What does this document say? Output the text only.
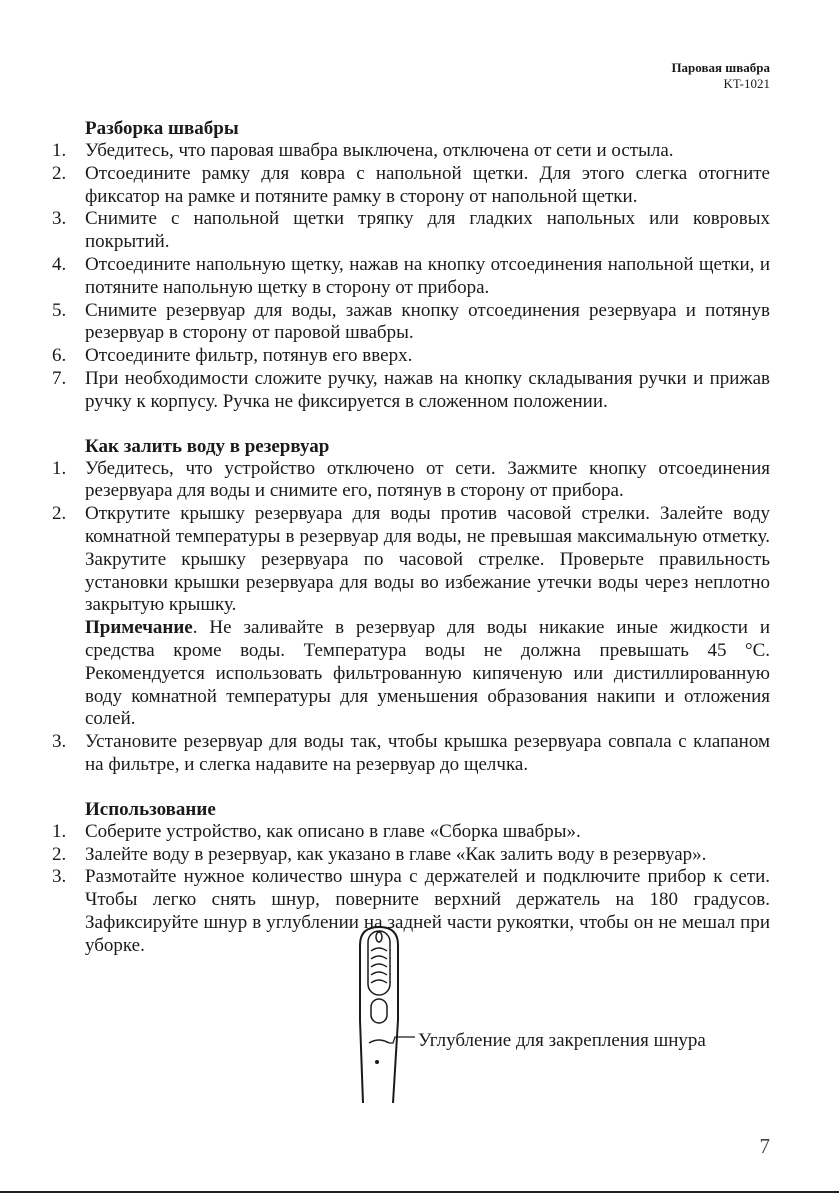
Паровая швабра
KT-1021
Разборка швабры
1. Убедитесь, что паровая швабра выключена, отключена от сети и остыла.
2. Отсоедините рамку для ковра с напольной щетки. Для этого слегка отогните фиксатор на рамке и потяните рамку в сторону от напольной щетки.
3. Снимите с напольной щетки тряпку для гладких напольных или ковровых покрытий.
4. Отсоедините напольную щетку, нажав на кнопку отсоединения напольной щетки, и потяните напольную щетку в сторону от прибора.
5. Снимите резервуар для воды, зажав кнопку отсоединения резервуара и потянув резервуар в сторону от паровой швабры.
6. Отсоедините фильтр, потянув его вверх.
7. При необходимости сложите ручку, нажав на кнопку складывания ручки и прижав ручку к корпусу. Ручка не фиксируется в сложенном положении.
Как залить воду в резервуар
1. Убедитесь, что устройство отключено от сети. Зажмите кнопку отсоединения резервуара для воды и снимите его, потянув в сторону от прибора.
2. Открутите крышку резервуара для воды против часовой стрелки. Залейте воду комнатной температуры в резервуар для воды, не превышая максимальную отметку. Закрутите крышку резервуара по часовой стрелке. Проверьте правильность установки крышки резервуара для воды во избежание утечки воды через неплотно закрытую крышку.
Примечание. Не заливайте в резервуар для воды никакие иные жидкости и средства кроме воды. Температура воды не должна превышать 45 °C. Рекомендуется использовать фильтрованную кипяченую или дистиллированную воду комнатной температуры для уменьшения образования накипи и отложения солей.
3. Установите резервуар для воды так, чтобы крышка резервуара совпала с клапаном на фильтре, и слегка надавите на резервуар до щелчка.
Использование
1. Соберите устройство, как описано в главе «Сборка швабры».
2. Залейте воду в резервуар, как указано в главе «Как залить воду в резервуар».
3. Размотайте нужное количество шнура с держателей и подключите прибор к сети. Чтобы легко снять шнур, поверните верхний держатель на 180 градусов. Зафиксируйте шнур в углублении на задней части рукоятки, чтобы он не мешал при уборке.
Углубление для закрепления шнура
7
